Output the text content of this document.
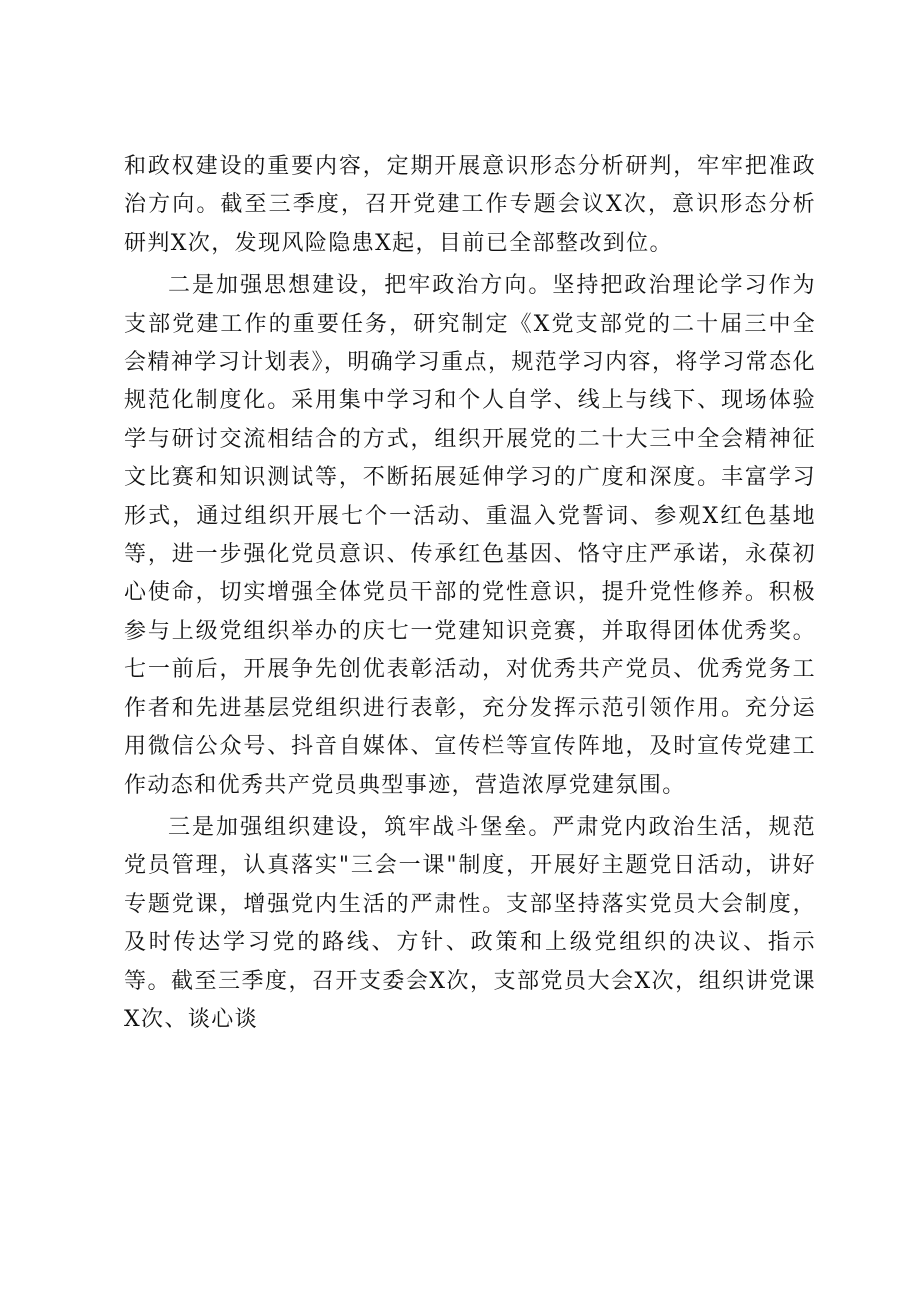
和政权建设的重要内容，定期开展意识形态分析研判，牢牢把准政治方向。截至三季度，召开党建工作专题会议X次，意识形态分析研判X次，发现风险隐患X起，目前已全部整改到位。

二是加强思想建设，把牢政治方向。坚持把政治理论学习作为支部党建工作的重要任务，研究制定《X党支部党的二十届三中全会精神学习计划表》，明确学习重点，规范学习内容，将学习常态化规范化制度化。采用集中学习和个人自学、线上与线下、现场体验学与研讨交流相结合的方式，组织开展党的二十大三中全会精神征文比赛和知识测试等，不断拓展延伸学习的广度和深度。丰富学习形式，通过组织开展七个一活动、重温入党誓词、参观X红色基地等，进一步强化党员意识、传承红色基因、恪守庄严承诺，永葆初心使命，切实增强全体党员干部的党性意识，提升党性修养。积极参与上级党组织举办的庆七一党建知识竞赛，并取得团体优秀奖。七一前后，开展争先创优表彰活动，对优秀共产党员、优秀党务工作者和先进基层党组织进行表彰，充分发挥示范引领作用。充分运用微信公众号、抖音自媒体、宣传栏等宣传阵地，及时宣传党建工作动态和优秀共产党员典型事迹，营造浓厚党建氛围。

三是加强组织建设，筑牢战斗堡垒。严肃党内政治生活，规范党员管理，认真落实"三会一课"制度，开展好主题党日活动，讲好专题党课，增强党内生活的严肃性。支部坚持落实党员大会制度，及时传达学习党的路线、方针、政策和上级党组织的决议、指示等。截至三季度，召开支委会X次，支部党员大会X次，组织讲党课X次、谈心谈
